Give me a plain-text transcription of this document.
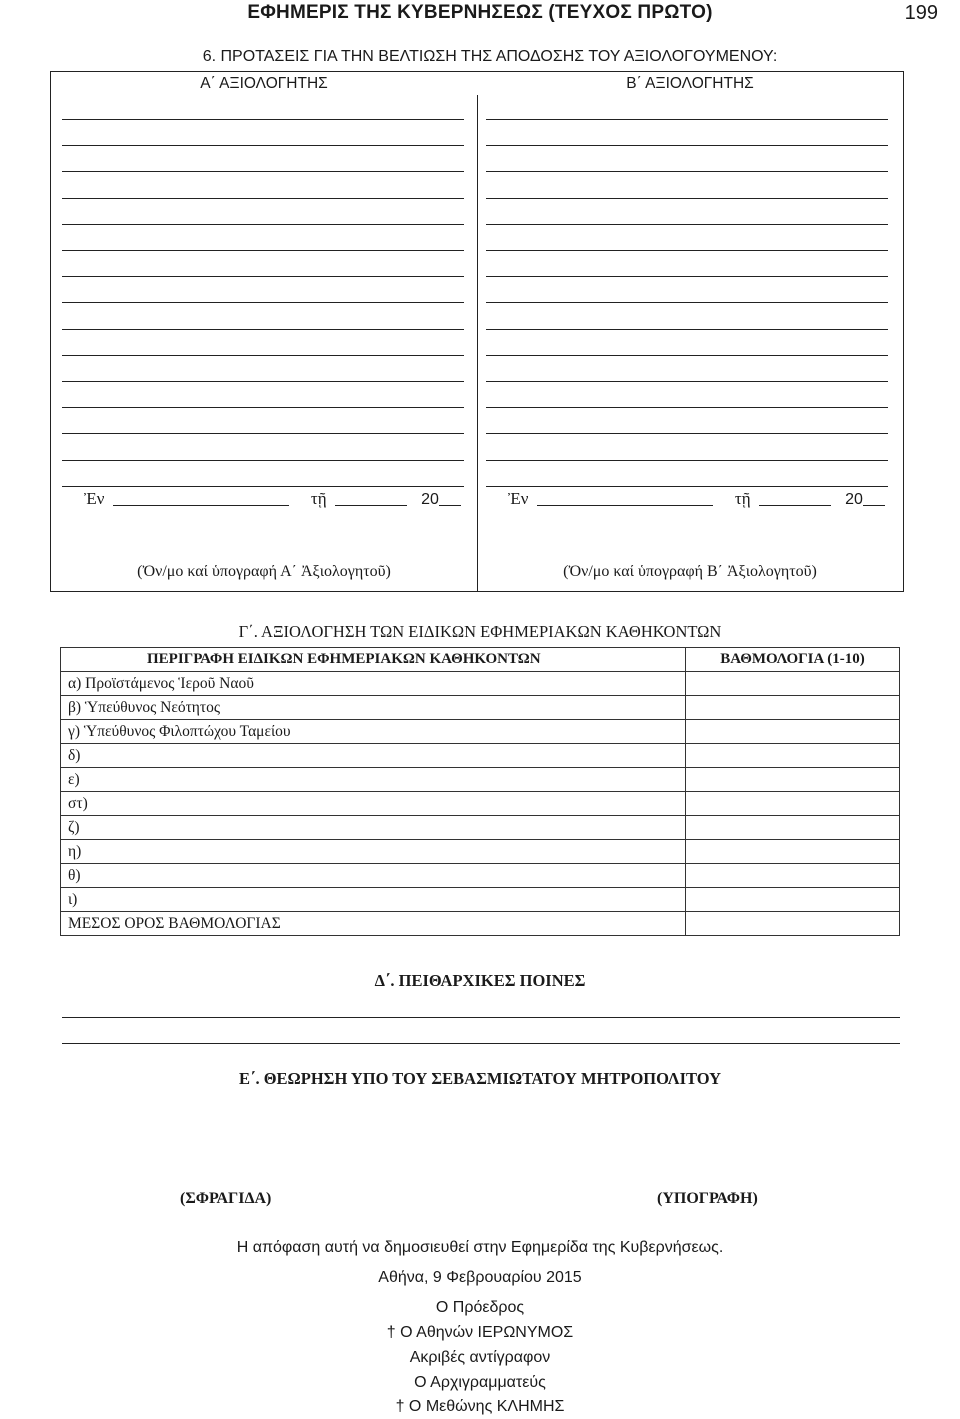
ΕΦΗΜΕΡΙΣ ΤΗΣ ΚΥΒΕΡΝΗΣΕΩΣ (ΤΕΥΧΟΣ ΠΡΩΤΟ)	199
6. ΠΡΟΤΑΣΕΙΣ ΓΙΑ ΤΗΝ ΒΕΛΤΙΩΣΗ ΤΗΣ ΑΠΟΔΟΣΗΣ ΤΟΥ ΑΞΙΟΛΟΓΟΥΜΕΝΟΥ:
Α΄ ΑΞΙΟΛΟΓΗΤΗΣ	Β΄ ΑΞΙΟΛΟΓΗΤΗΣ
Ἐν	τῇ	20	Ἐν	τῇ	20
(Ὀν/μο καί ὑπογραφή Α΄ Ἀξιολογητοῦ)	(Ὀν/μο καί ὑπογραφή Β΄ Ἀξιολογητοῦ)
Γ΄. ΑΞΙΟΛΟΓΗΣΗ ΤΩΝ ΕΙΔΙΚΩΝ ΕΦΗΜΕΡΙΑΚΩΝ ΚΑΘΗΚΟΝΤΩΝ
ΠΕΡΙΓΡΑΦΗ ΕΙΔΙΚΩΝ ΕΦΗΜΕΡΙΑΚΩΝ ΚΑΘΗΚΟΝΤΩΝ	ΒΑΘΜΟΛΟΓΙΑ (1-10)
α) Προϊστάμενος Ἱεροῦ Ναοῦ	
β) Ὑπεύθυνος Νεότητος	
γ) Ὑπεύθυνος Φιλοπτώχου Ταμείου	
δ)	
ε)	
στ)	
ζ)	
η)	
θ)	
ι)	
ΜΕΣΟΣ ΟΡΟΣ ΒΑΘΜΟΛΟΓΙΑΣ	
Δ΄. ΠΕΙΘΑΡΧΙΚΕΣ ΠΟΙΝΕΣ
Ε΄. ΘΕΩΡΗΣΗ ΥΠΟ ΤΟΥ ΣΕΒΑΣΜΙΩΤΑΤΟΥ ΜΗΤΡΟΠΟΛΙΤΟΥ
(ΣΦΡΑΓΙΔΑ)	(ΥΠΟΓΡΑΦΗ)
Η απόφαση αυτή να δημοσιευθεί στην Εφημερίδα της Κυβερνήσεως.
Αθήνα, 9 Φεβρουαρίου 2015
Ο Πρόεδρος
† Ο Αθηνών ΙΕΡΩΝΥΜΟΣ
Ακριβές αντίγραφον
Ο Αρχιγραμματεύς
† Ο Μεθώνης ΚΛΗΜΗΣ
